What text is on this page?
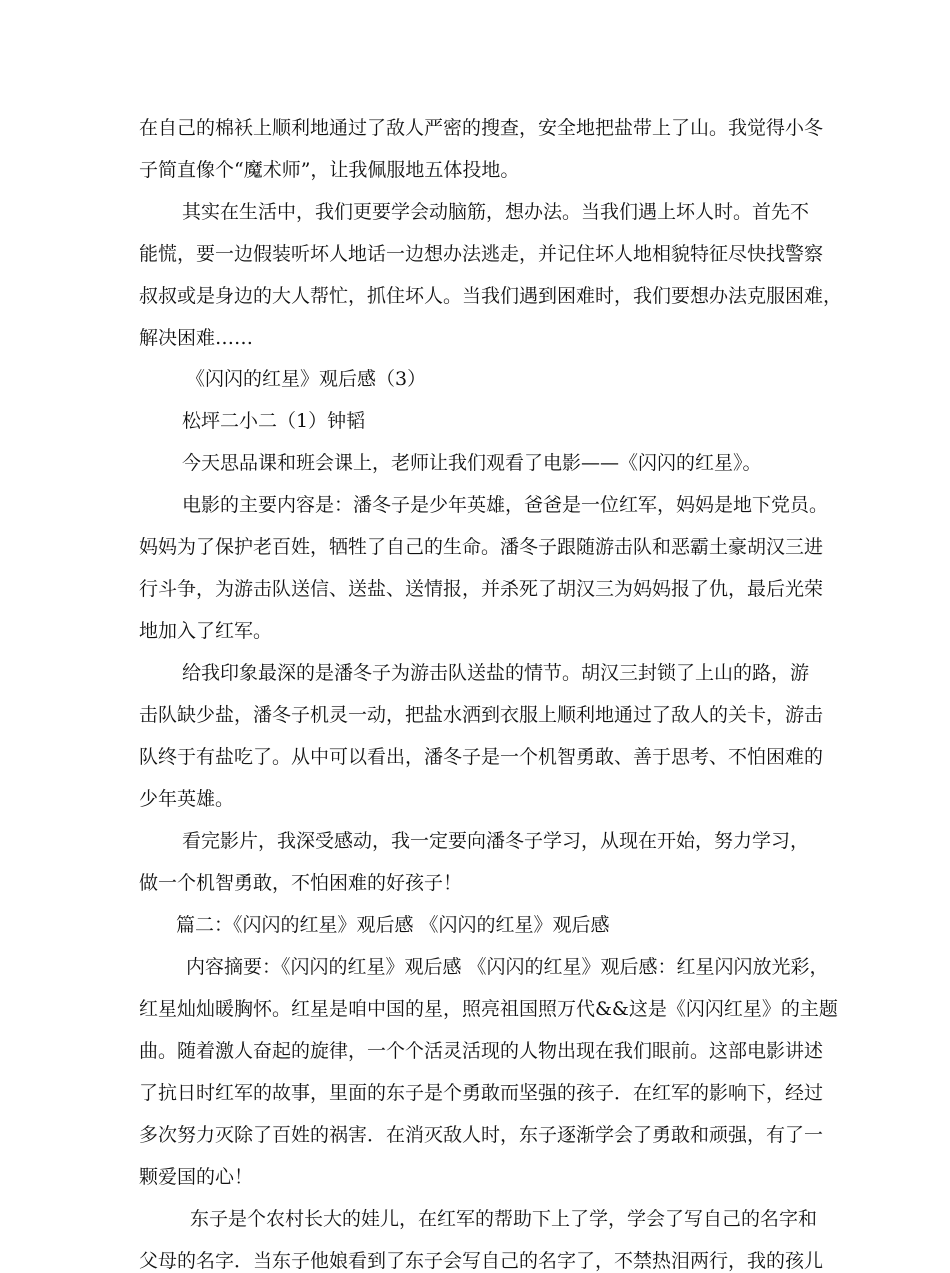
在自己的棉袄上顺利地通过了敌人严密的搜查，安全地把盐带上了山。我觉得小冬
子简直像个“魔术师”，让我佩服地五体投地。
其实在生活中，我们更要学会动脑筋，想办法。当我们遇上坏人时。首先不
能慌，要一边假装听坏人地话一边想办法逃走，并记住坏人地相貌特征尽快找警察
叔叔或是身边的大人帮忙，抓住坏人。当我们遇到困难时，我们要想办法克服困难，
解决困难……
《闪闪的红星》观后感（3）
松坪二小二（1）钟韬
今天思品课和班会课上，老师让我们观看了电影——《闪闪的红星》。
电影的主要内容是：潘冬子是少年英雄，爸爸是一位红军，妈妈是地下党员。
妈妈为了保护老百姓，牺牲了自己的生命。潘冬子跟随游击队和恶霸土豪胡汉三进
行斗争，为游击队送信、送盐、送情报，并杀死了胡汉三为妈妈报了仇，最后光荣
地加入了红军。
给我印象最深的是潘冬子为游击队送盐的情节。胡汉三封锁了上山的路，游
击队缺少盐，潘冬子机灵一动，把盐水洒到衣服上顺利地通过了敌人的关卡，游击
队终于有盐吃了。从中可以看出，潘冬子是一个机智勇敢、善于思考、不怕困难的
少年英雄。
看完影片，我深受感动，我一定要向潘冬子学习，从现在开始，努力学习，
做一个机智勇敢，不怕困难的好孩子！
篇二：《闪闪的红星》观后感 《闪闪的红星》观后感
内容摘要：《闪闪的红星》观后感 《闪闪的红星》观后感：红星闪闪放光彩，
红星灿灿暖胸怀。红星是咱中国的星，照亮祖国照万代&&这是《闪闪红星》的主题
曲。随着激人奋起的旋律，一个个活灵活现的人物出现在我们眼前。这部电影讲述
了抗日时红军的故事，里面的东子是个勇敢而坚强的孩子．在红军的影响下，经过
多次努力灭除了百姓的祸害．在消灭敌人时，东子逐渐学会了勇敢和顽强，有了一
颗爱国的心！
东子是个农村长大的娃儿，在红军的帮助下上了学，学会了写自己的名字和
父母的名字．当东子他娘看到了东子会写自己的名字了，不禁热泪两行，我的孩儿
